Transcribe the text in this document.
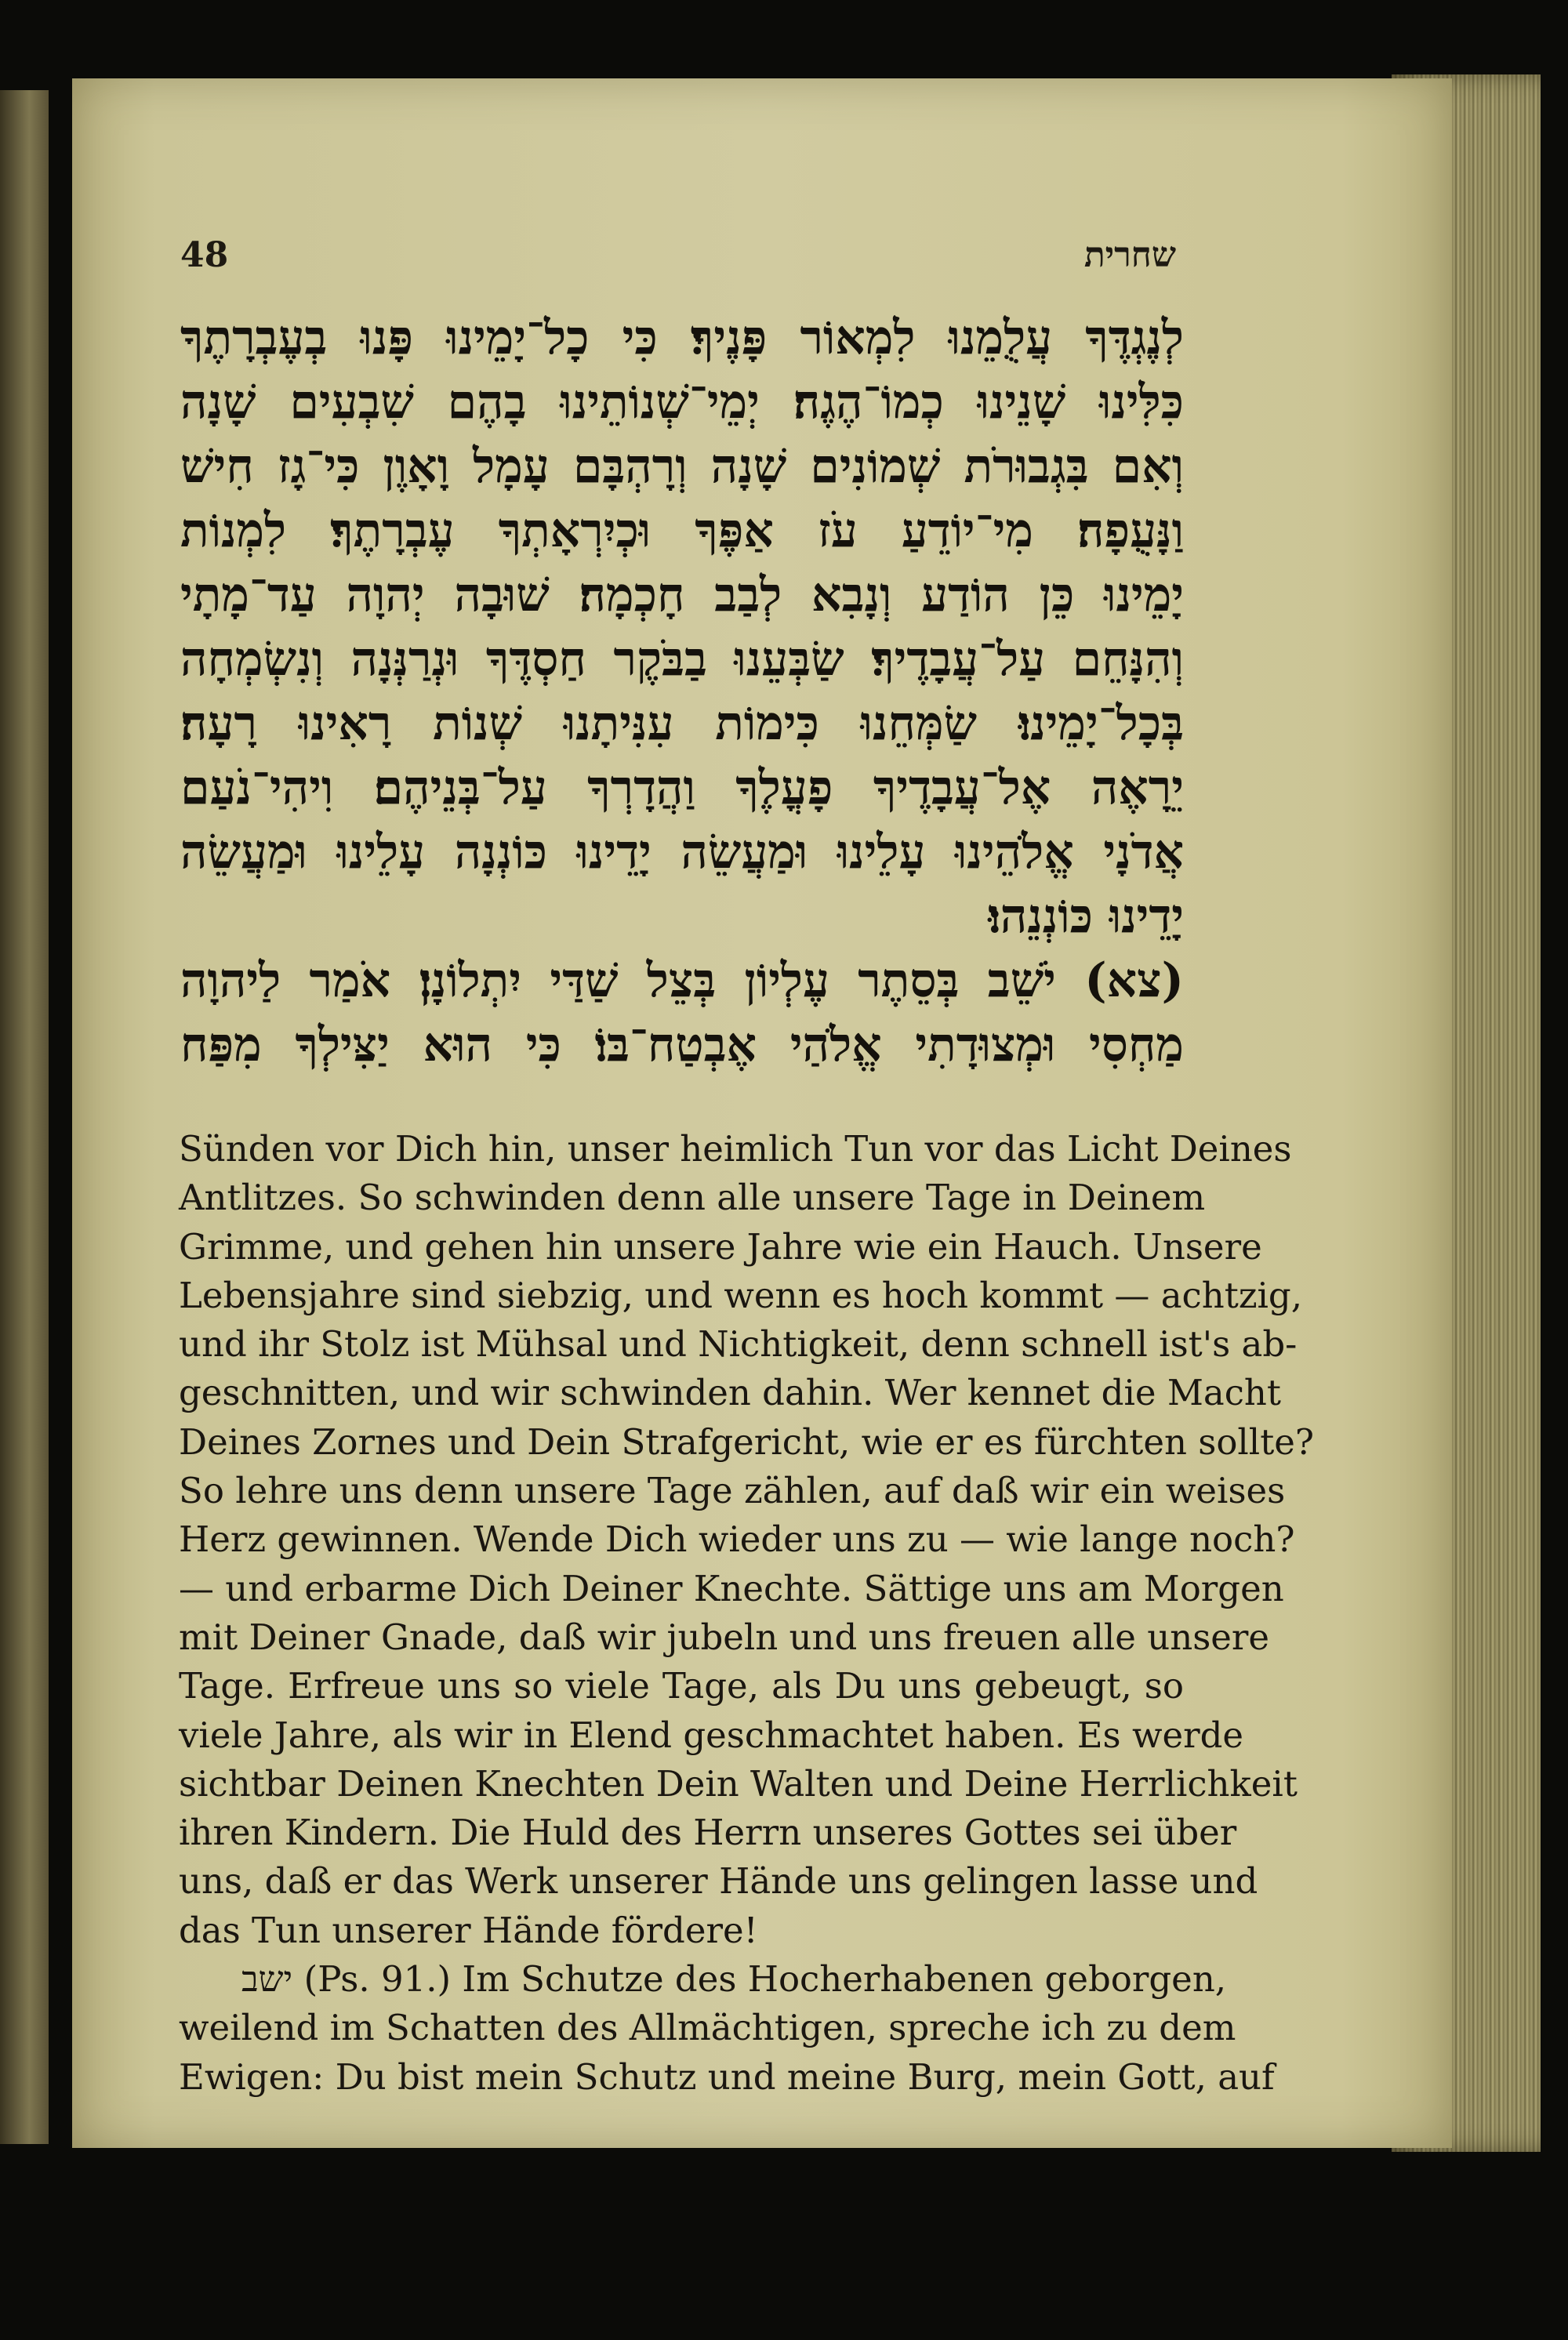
48	שחרית
לְנֶגְדֶּךָ עֲלֻמֵנוּ לִמְאוֹר פָּנֶיךָ׃ כִּי כָל־יָמֵינוּ פָּנוּ בְעֶבְרָתֶךָ
כִּלִּינוּ שָׁנֵינוּ כְמוֹ־הֶגֶה׃ יְמֵי־שְׁנוֹתֵינוּ בָהֶם שִׁבְעִים שָׁנָה
וְאִם בִּגְבוּרֹת שְׁמוֹנִים שָׁנָה וְרָהְבָּם עָמָל וָאָוֶן כִּי־גָז חִישׁ
וַנָּעֻפָה׃ מִי־יוֹדֵעַ עֹז אַפֶּךָ וּכְיִרְאָתְךָ עֶבְרָתֶךָ׃ לִמְנוֹת
יָמֵינוּ כֵּן הוֹדַע וְנָבִא לְבַב חָכְמָה׃ שׁוּבָה יְהוָה עַד־מָתָי
וְהִנָּחֵם עַל־עֲבָדֶיךָ׃ שַׂבְּעֵנוּ בַבֹּקֶר חַסְדֶּךָ וּנְרַנְּנָה וְנִשְׂמְחָה
בְּכָל־יָמֵינוּ׃ שַׂמְּחֵנוּ כִּימוֹת עִנִּיתָנוּ שְׁנוֹת רָאִינוּ רָעָה׃
יֵרָאֶה אֶל־עֲבָדֶיךָ פָעֳלֶךָ וַהֲדָרְךָ עַל־בְּנֵיהֶם׃ וִיהִי־נֹעַם
אֲדֹנָי אֱלֹהֵינוּ עָלֵינוּ וּמַעֲשֵׂה יָדֵינוּ כּוֹנְנָה עָלֵינוּ וּמַעֲשֵׂה
יָדֵינוּ כּוֹנְנֵהוּ׃
(צא) יֹשֵׁב בְּסֵתֶר עֶלְיוֹן בְּצֵל שַׁדַּי יִתְלוֹנָן׃ אֹמַר לַיהוָה
מַחְסִי וּמְצוּדָתִי אֱלֹהַי אֶבְטַח־בּוֹ׃ כִּי הוּא יַצִּילְךָ מִפַּח
Sünden vor Dich hin, unser heimlich Tun vor das Licht Deines
Antlitzes. So schwinden denn alle unsere Tage in Deinem
Grimme, und gehen hin unsere Jahre wie ein Hauch. Unsere
Lebensjahre sind siebzig, und wenn es hoch kommt — achtzig,
und ihr Stolz ist Mühsal und Nichtigkeit, denn schnell ist's ab-
geschnitten, und wir schwinden dahin. Wer kennet die Macht
Deines Zornes und Dein Strafgericht, wie er es fürchten sollte?
So lehre uns denn unsere Tage zählen, auf daß wir ein weises
Herz gewinnen. Wende Dich wieder uns zu — wie lange noch?
— und erbarme Dich Deiner Knechte. Sättige uns am Morgen
mit Deiner Gnade, daß wir jubeln und uns freuen alle unsere
Tage. Erfreue uns so viele Tage, als Du uns gebeugt, so
viele Jahre, als wir in Elend geschmachtet haben. Es werde
sichtbar Deinen Knechten Dein Walten und Deine Herrlichkeit
ihren Kindern. Die Huld des Herrn unseres Gottes sei über
uns, daß er das Werk unserer Hände uns gelingen lasse und
das Tun unserer Hände fördere!
ישב (Ps. 91.) Im Schutze des Hocherhabenen geborgen,
weilend im Schatten des Allmächtigen, spreche ich zu dem
Ewigen: Du bist mein Schutz und meine Burg, mein Gott, auf
